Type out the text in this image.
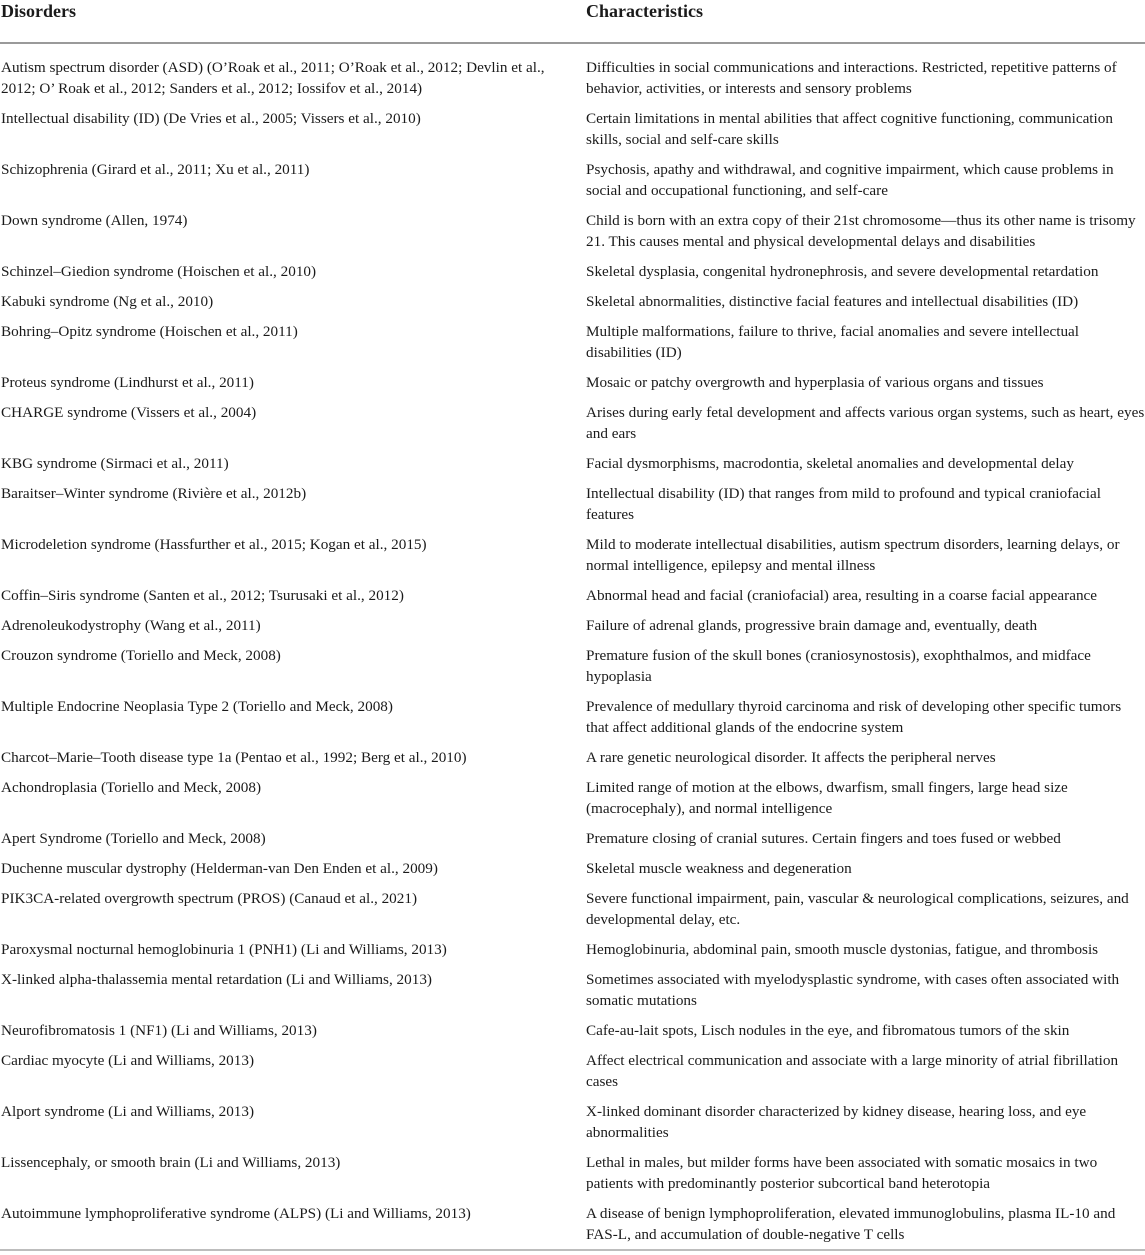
Disorders	Characteristics
Autism spectrum disorder (ASD) (O’Roak et al., 2011; O’Roak et al., 2012; Devlin et al., 2012; O’ Roak et al., 2012; Sanders et al., 2012; Iossifov et al., 2014)	Difficulties in social communications and interactions. Restricted, repetitive patterns of behavior, activities, or interests and sensory problems
Intellectual disability (ID) (De Vries et al., 2005; Vissers et al., 2010)	Certain limitations in mental abilities that affect cognitive functioning, communication skills, social and self-care skills
Schizophrenia (Girard et al., 2011; Xu et al., 2011)	Psychosis, apathy and withdrawal, and cognitive impairment, which cause problems in social and occupational functioning, and self-care
Down syndrome (Allen, 1974)	Child is born with an extra copy of their 21st chromosome—thus its other name is trisomy 21. This causes mental and physical developmental delays and disabilities
Schinzel–Giedion syndrome (Hoischen et al., 2010)	Skeletal dysplasia, congenital hydronephrosis, and severe developmental retardation
Kabuki syndrome (Ng et al., 2010)	Skeletal abnormalities, distinctive facial features and intellectual disabilities (ID)
Bohring–Opitz syndrome (Hoischen et al., 2011)	Multiple malformations, failure to thrive, facial anomalies and severe intellectual disabilities (ID)
Proteus syndrome (Lindhurst et al., 2011)	Mosaic or patchy overgrowth and hyperplasia of various organs and tissues
CHARGE syndrome (Vissers et al., 2004)	Arises during early fetal development and affects various organ systems, such as heart, eyes and ears
KBG syndrome (Sirmaci et al., 2011)	Facial dysmorphisms, macrodontia, skeletal anomalies and developmental delay
Baraitser–Winter syndrome (Rivière et al., 2012b)	Intellectual disability (ID) that ranges from mild to profound and typical craniofacial features
Microdeletion syndrome (Hassfurther et al., 2015; Kogan et al., 2015)	Mild to moderate intellectual disabilities, autism spectrum disorders, learning delays, or normal intelligence, epilepsy and mental illness
Coffin–Siris syndrome (Santen et al., 2012; Tsurusaki et al., 2012)	Abnormal head and facial (craniofacial) area, resulting in a coarse facial appearance
Adrenoleukodystrophy (Wang et al., 2011)	Failure of adrenal glands, progressive brain damage and, eventually, death
Crouzon syndrome (Toriello and Meck, 2008)	Premature fusion of the skull bones (craniosynostosis), exophthalmos, and midface hypoplasia
Multiple Endocrine Neoplasia Type 2 (Toriello and Meck, 2008)	Prevalence of medullary thyroid carcinoma and risk of developing other specific tumors that affect additional glands of the endocrine system
Charcot–Marie–Tooth disease type 1a (Pentao et al., 1992; Berg et al., 2010)	A rare genetic neurological disorder. It affects the peripheral nerves
Achondroplasia (Toriello and Meck, 2008)	Limited range of motion at the elbows, dwarfism, small fingers, large head size (macrocephaly), and normal intelligence
Apert Syndrome (Toriello and Meck, 2008)	Premature closing of cranial sutures. Certain fingers and toes fused or webbed
Duchenne muscular dystrophy (Helderman-van Den Enden et al., 2009)	Skeletal muscle weakness and degeneration
PIK3CA-related overgrowth spectrum (PROS) (Canaud et al., 2021)	Severe functional impairment, pain, vascular & neurological complications, seizures, and developmental delay, etc.
Paroxysmal nocturnal hemoglobinuria 1 (PNH1) (Li and Williams, 2013)	Hemoglobinuria, abdominal pain, smooth muscle dystonias, fatigue, and thrombosis
X-linked alpha-thalassemia mental retardation (Li and Williams, 2013)	Sometimes associated with myelodysplastic syndrome, with cases often associated with somatic mutations
Neurofibromatosis 1 (NF1) (Li and Williams, 2013)	Cafe-au-lait spots, Lisch nodules in the eye, and fibromatous tumors of the skin
Cardiac myocyte (Li and Williams, 2013)	Affect electrical communication and associate with a large minority of atrial fibrillation cases
Alport syndrome (Li and Williams, 2013)	X-linked dominant disorder characterized by kidney disease, hearing loss, and eye abnormalities
Lissencephaly, or smooth brain (Li and Williams, 2013)	Lethal in males, but milder forms have been associated with somatic mosaics in two patients with predominantly posterior subcortical band heterotopia
Autoimmune lymphoproliferative syndrome (ALPS) (Li and Williams, 2013)	A disease of benign lymphoproliferation, elevated immunoglobulins, plasma IL-10 and FAS-L, and accumulation of double-negative T cells
